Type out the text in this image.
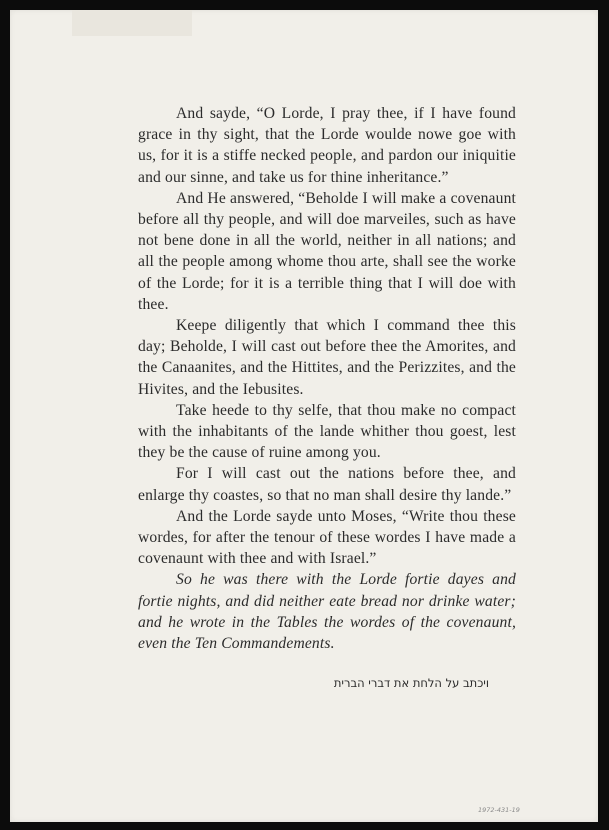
And sayde, “O Lorde, I pray thee, if I have found grace in thy sight, that the Lorde woulde nowe goe with us, for it is a stiffe necked people, and pardon our iniquitie and our sinne, and take us for thine inheritance.”

And He answered, “Beholde I will make a covenaunt before all thy people, and will doe marveiles, such as have not bene done in all the world, neither in all nations; and all the people among whome thou arte, shall see the worke of the Lorde; for it is a terrible thing that I will doe with thee.

Keepe diligently that which I command thee this day; Beholde, I will cast out before thee the Amorites, and the Canaanites, and the Hittites, and the Perizzites, and the Hivites, and the Iebusites.

Take heede to thy selfe, that thou make no compact with the inhabitants of the lande whither thou goest, lest they be the cause of ruine among you.

For I will cast out the nations before thee, and enlarge thy coastes, so that no man shall desire thy lande.”

And the Lorde sayde unto Moses, “Write thou these wordes, for after the tenour of these wordes I have made a covenaunt with thee and with Israel.”

So he was there with the Lorde fortie dayes and fortie nights, and did neither eate bread nor drinke water; and he wrote in the Tables the wordes of the covenaunt, even the Ten Commandements.

ויכתב על הלחת את דברי הברית
1972-431-19
